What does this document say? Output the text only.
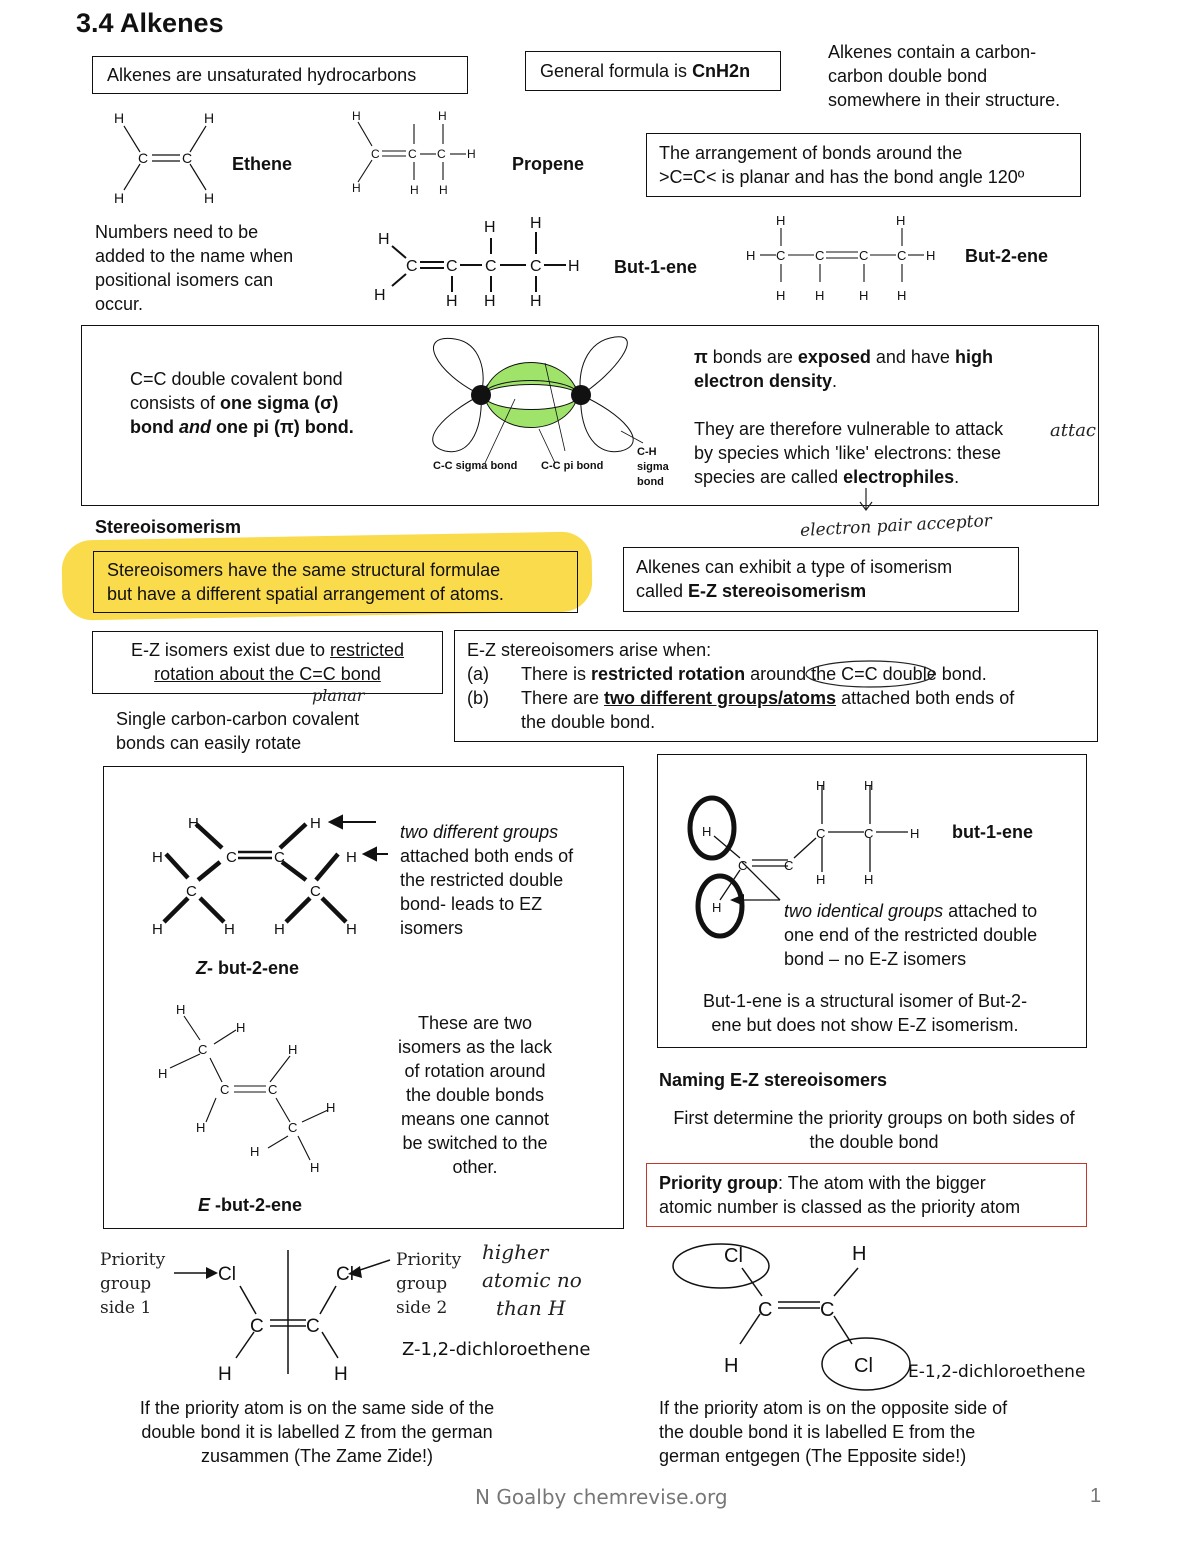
3.4 Alkenes
Alkenes are unsaturated hydrocarbons	General formula is CnH2n
Alkenes contain a carbon-
carbon double bond
somewhere in their structure.
H	H
C C
H	H
Ethene
H	H
C C C H
H	H H
Propene
The arrangement of bonds around the
>C=C< is planar and has the bond angle 120º
Numbers need to be
added to the name when
positional isomers can
occur.
H
H
C C C C H
H H
H H H
But-1-ene
H	H
H C C	C C H
H H	H H
But-2-ene
C=C double covalent bond
consists of one sigma (σ)
bond and one pi (π) bond.
C-C sigma bond C-C pi bond
C-H
sigma
bond
π bonds are exposed and have high
electron density.
They are therefore vulnerable to attack
by species which 'like' electrons: these
species are called electrophiles.
attac
electron pair acceptor
Stereoisomerism
Stereoisomers have the same structural formulae
but have a different spatial arrangement of atoms.
Alkenes can exhibit a type of isomerism
called E-Z stereoisomerism
E-Z isomers exist due to restricted
rotation about the C=C bond
planar
Single carbon-carbon covalent
bonds can easily rotate
E-Z stereoisomers arise when:
(a)	There is restricted rotation around the C=C double bond.
(b)	There are two different groups/atoms attached both ends of
the double bond.
H	H
H	C C	H
C	C
H	H	H	H
two different groups
attached both ends of
the restricted double
bond- leads to EZ
isomers
Z- but-2-ene
H
H
C	H
H
C	C
H
H
C
H
H
These are two
isomers as the lack
of rotation around
the double bonds
means one cannot
be switched to the
other.
E -but-2-ene
H	H
C	C	H
C	C
H
H
H	H
but-1-ene
two identical groups attached to
one end of the restricted double
bond – no E-Z isomers
But-1-ene is a structural isomer of But-2-
ene but does not show E-Z isomerism.
Naming E-Z stereoisomers
First determine the priority groups on both sides of
the double bond
Priority group: The atom with the bigger
atomic number is classed as the priority atom
Priority
group
side 1
Cl	Cl
C C
H	H
Priority
group
side 2
higher
atomic no
than H
Z-1,2-dichloroethene
Cl	H
C C
H	Cl E-1,2-dichloroethene
If the priority atom is on the same side of the
double bond it is labelled Z from the german
zusammen (The Zame Zide!)
If the priority atom is on the opposite side of
the double bond it is labelled E from the
german entgegen (The Epposite side!)
N Goalby chemrevise.org	1
